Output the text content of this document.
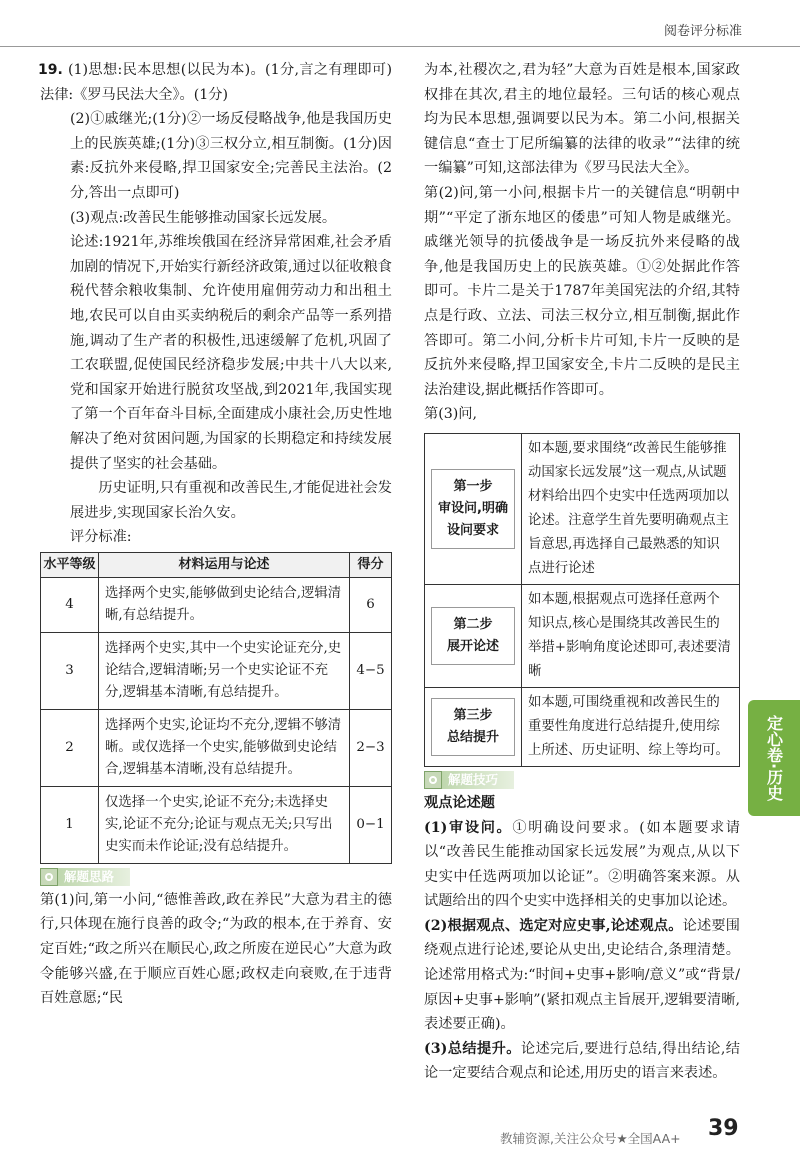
阅卷评分标准

19. (1)思想:民本思想(以民为本)。(1分,言之有理即可)法律:《罗马民法大全》。(1分)

(2)①戚继光;(1分)②一场反侵略战争,他是我国历史上的民族英雄;(1分)③三权分立,相互制衡。(1分)因素:反抗外来侵略,捍卫国家安全;完善民主法治。(2分,答出一点即可)

(3)观点:改善民生能够推动国家长远发展。

论述:1921年,苏维埃俄国在经济异常困难,社会矛盾加剧的情况下,开始实行新经济政策,通过以征收粮食税代替余粮收集制、允许使用雇佣劳动力和出租土地,农民可以自由买卖纳税后的剩余产品等一系列措施,调动了生产者的积极性,迅速缓解了危机,巩固了工农联盟,促使国民经济稳步发展;中共十八大以来,党和国家开始进行脱贫攻坚战,到2021年,我国实现了第一个百年奋斗目标,全面建成小康社会,历史性地解决了绝对贫困问题,为国家的长期稳定和持续发展提供了坚实的社会基础。

历史证明,只有重视和改善民生,才能促进社会发展进步,实现国家长治久安。

评分标准:

水平等级	材料运用与论述	得分
4	选择两个史实,能够做到史论结合,逻辑清晰,有总结提升。	6
3	选择两个史实,其中一个史实论证充分,史论结合,逻辑清晰;另一个史实论证不充分,逻辑基本清晰,有总结提升。	4−5
2	选择两个史实,论证均不充分,逻辑不够清晰。或仅选择一个史实,能够做到史论结合,逻辑基本清晰,没有总结提升。	2−3
1	仅选择一个史实,论证不充分;未选择史实,论证不充分;论证与观点无关;只写出史实而未作论证;没有总结提升。	0−1
解题思路

第(1)问,第一小问,“德惟善政,政在养民”大意为君主的德行,只体现在施行良善的政令;“为政的根本,在于养育、安定百姓;“政之所兴在顺民心,政之所废在逆民心”大意为政令能够兴盛,在于顺应百姓心愿;政权走向衰败,在于违背百姓意愿;“民

为本,社稷次之,君为轻”大意为百姓是根本,国家政权排在其次,君主的地位最轻。三句话的核心观点均为民本思想,强调要以民为本。第二小问,根据关键信息“查士丁尼所编纂的法律的收录”“法律的统一编纂”可知,这部法律为《罗马民法大全》。

第(2)问,第一小问,根据卡片一的关键信息“明朝中期”“平定了浙东地区的倭患”可知人物是戚继光。戚继光领导的抗倭战争是一场反抗外来侵略的战争,他是我国历史上的民族英雄。①②处据此作答即可。卡片二是关于1787年美国宪法的介绍,其特点是行政、立法、司法三权分立,相互制衡,据此作答即可。第二小问,分析卡片可知,卡片一反映的是反抗外来侵略,捍卫国家安全,卡片二反映的是民主法治建设,据此概括作答即可。

第(3)问,

第一步
审设问,明确设问要求	如本题,要求围绕“改善民生能够推动国家长远发展”这一观点,从试题材料给出四个史实中任选两项加以论述。注意学生首先要明确观点主旨意思,再选择自己最熟悉的知识点进行论述

第二步
展开论述	如本题,根据观点可选择任意两个知识点,核心是围绕其改善民生的举措+影响角度论述即可,表述要清晰

第三步
总结提升	如本题,可围绕重视和改善民生的重要性角度进行总结提升,使用综上所述、历史证明、综上等均可。
解题技巧

观点论述题

(1)审设问。①明确设问要求。(如本题要求请以“改善民生能推动国家长远发展”为观点,从以下史实中任选两项加以论证”。②明确答案来源。从试题给出的四个史实中选择相关的史事加以论述。

(2)根据观点、选定对应史事,论述观点。论述要围绕观点进行论述,要论从史出,史论结合,条理清楚。论述常用格式为:“时间+史事+影响/意义”或“背景/原因+史事+影响”(紧扣观点主旨展开,逻辑要清晰,表述要正确)。

(3)总结提升。论述完后,要进行总结,得出结论,结论一定要结合观点和论述,用历史的语言来表述。

定心卷·历史
教辅资源,关注公众号★全国AA+ 39
